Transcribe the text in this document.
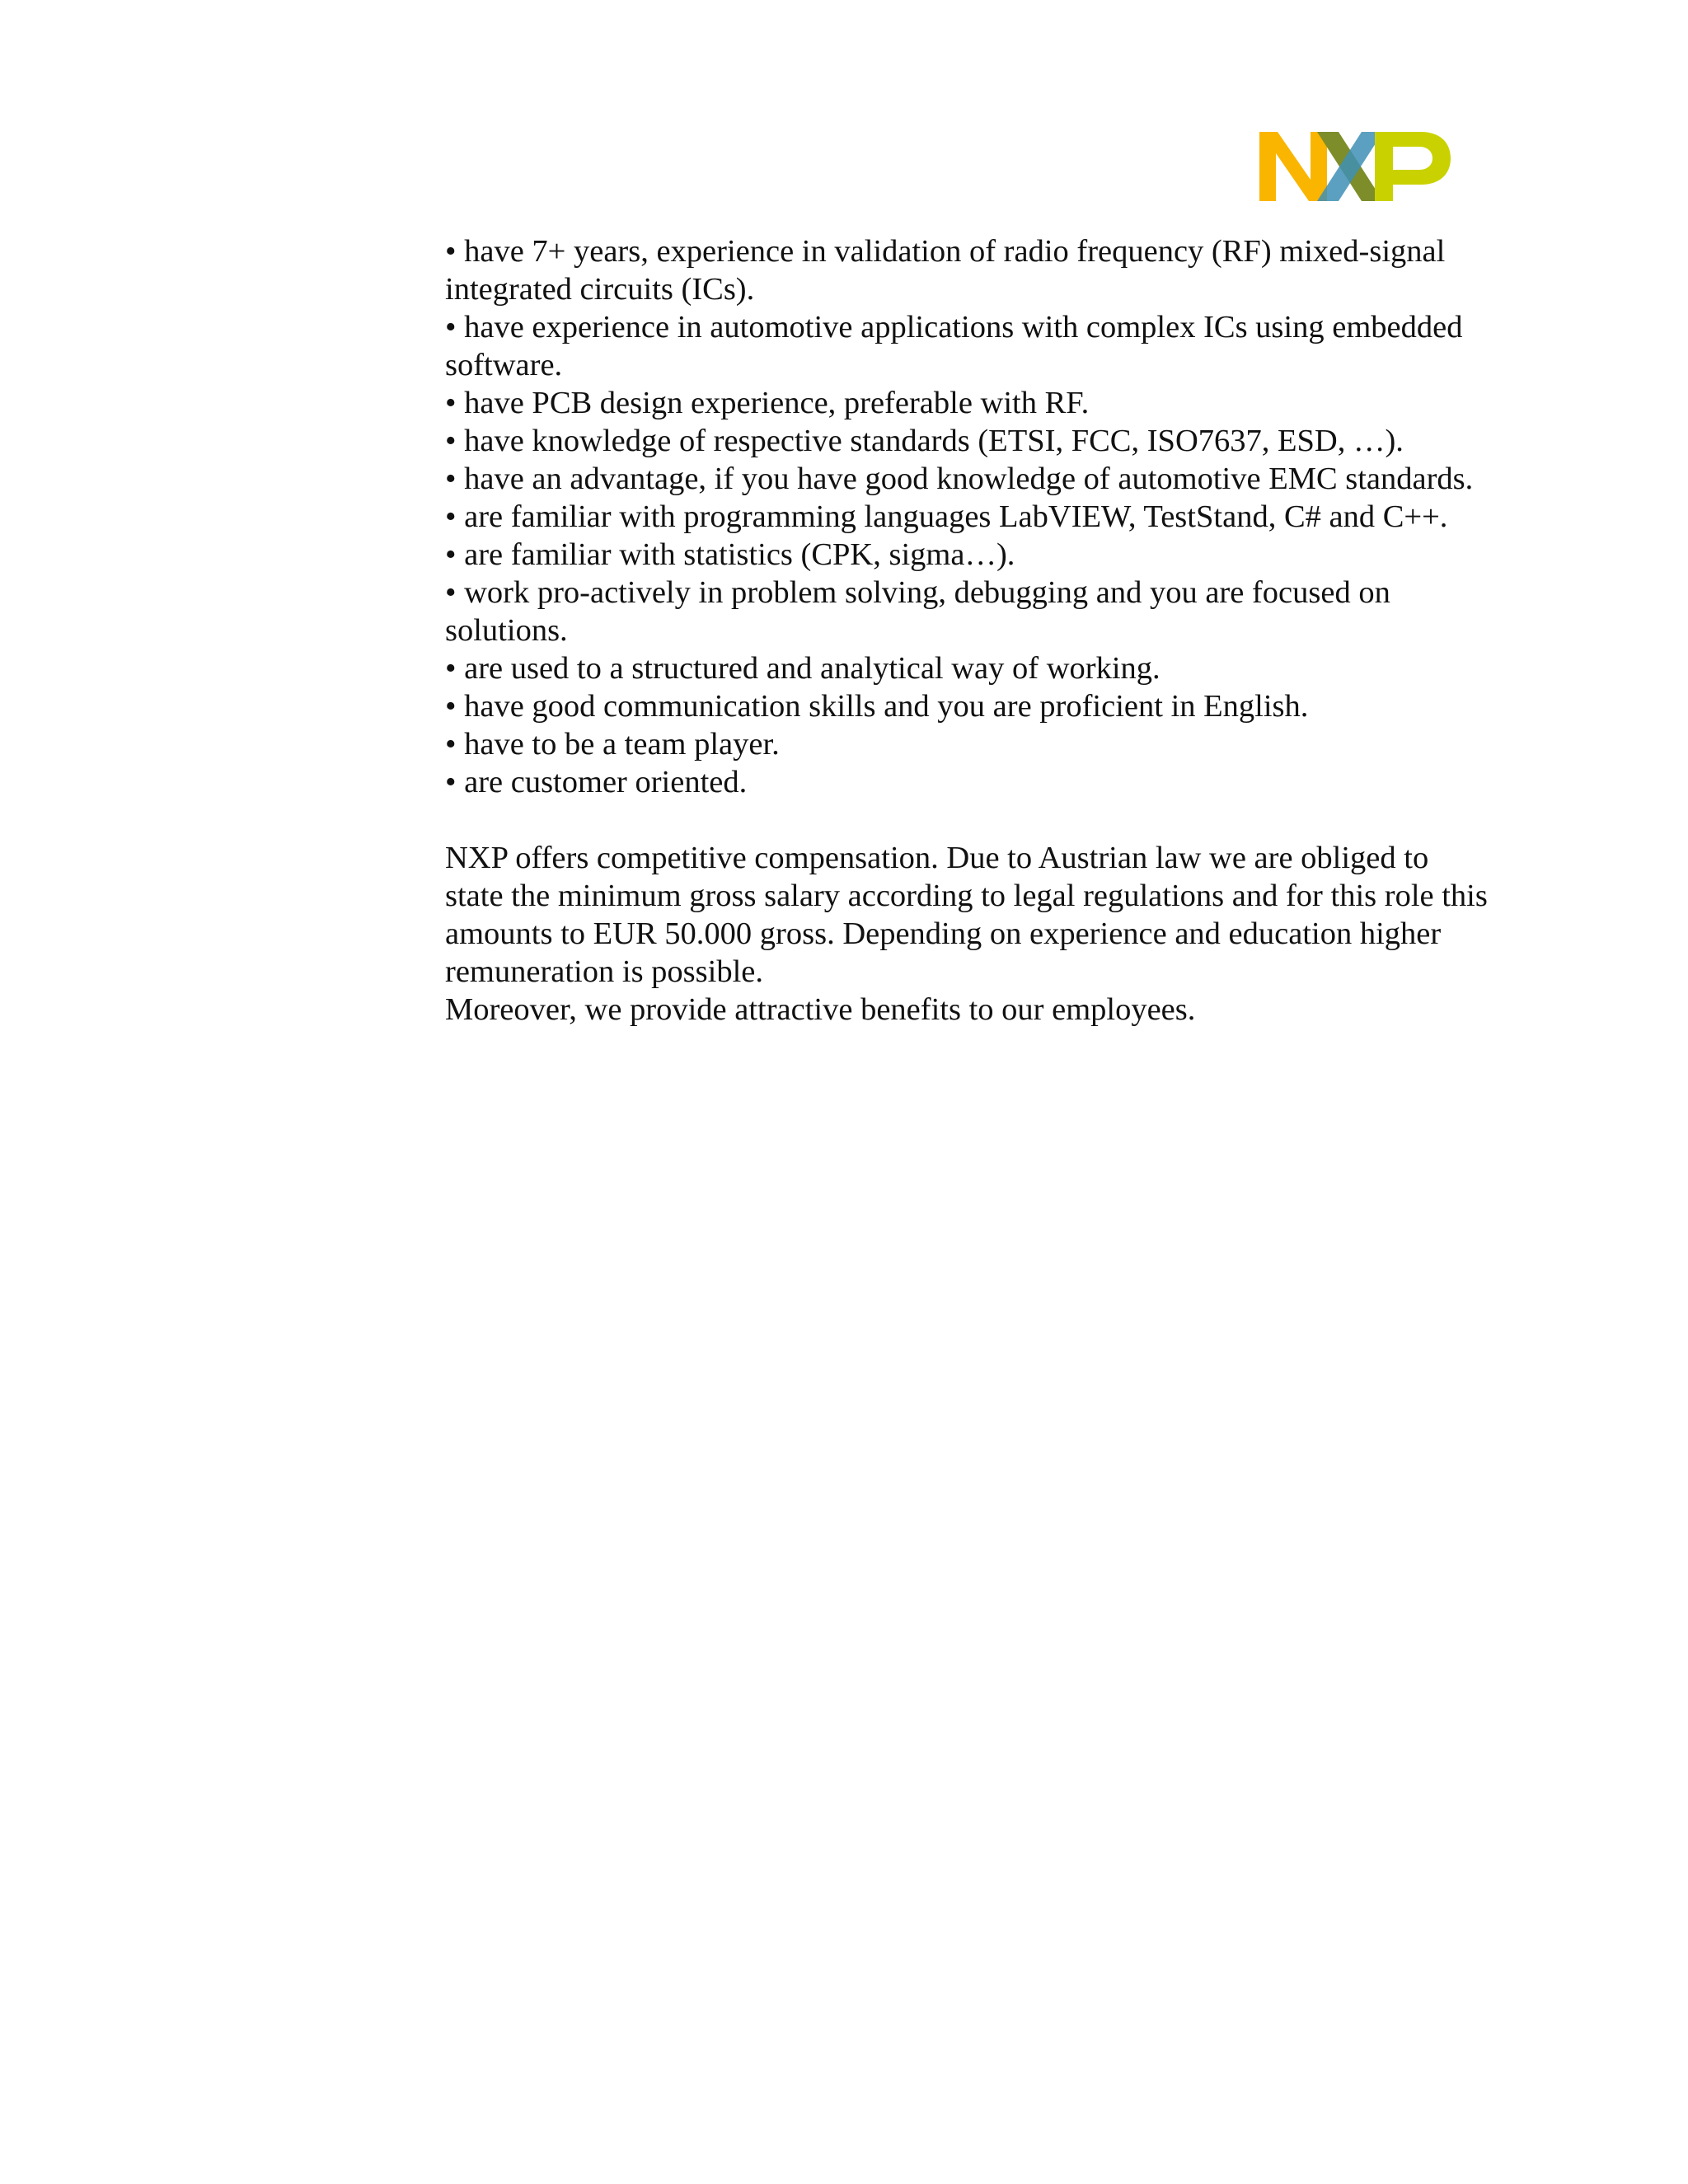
• have 7+ years, experience in validation of radio frequency (RF) mixed-signal integrated circuits (ICs).
• have experience in automotive applications with complex ICs using embedded software.
• have PCB design experience, preferable with RF.
• have knowledge of respective standards (ETSI, FCC, ISO7637, ESD, …).
• have an advantage, if you have good knowledge of automotive EMC standards.
• are familiar with programming languages LabVIEW, TestStand, C# and C++.
• are familiar with statistics (CPK, sigma…).
• work pro-actively in problem solving, debugging and you are focused on solutions.
• are used to a structured and analytical way of working.
• have good communication skills and you are proficient in English.
• have to be a team player.
• are customer oriented.

NXP offers competitive compensation. Due to Austrian law we are obliged to state the minimum gross salary according to legal regulations and for this role this amounts to EUR 50.000 gross. Depending on experience and education higher remuneration is possible.

Moreover, we provide attractive benefits to our employees.
